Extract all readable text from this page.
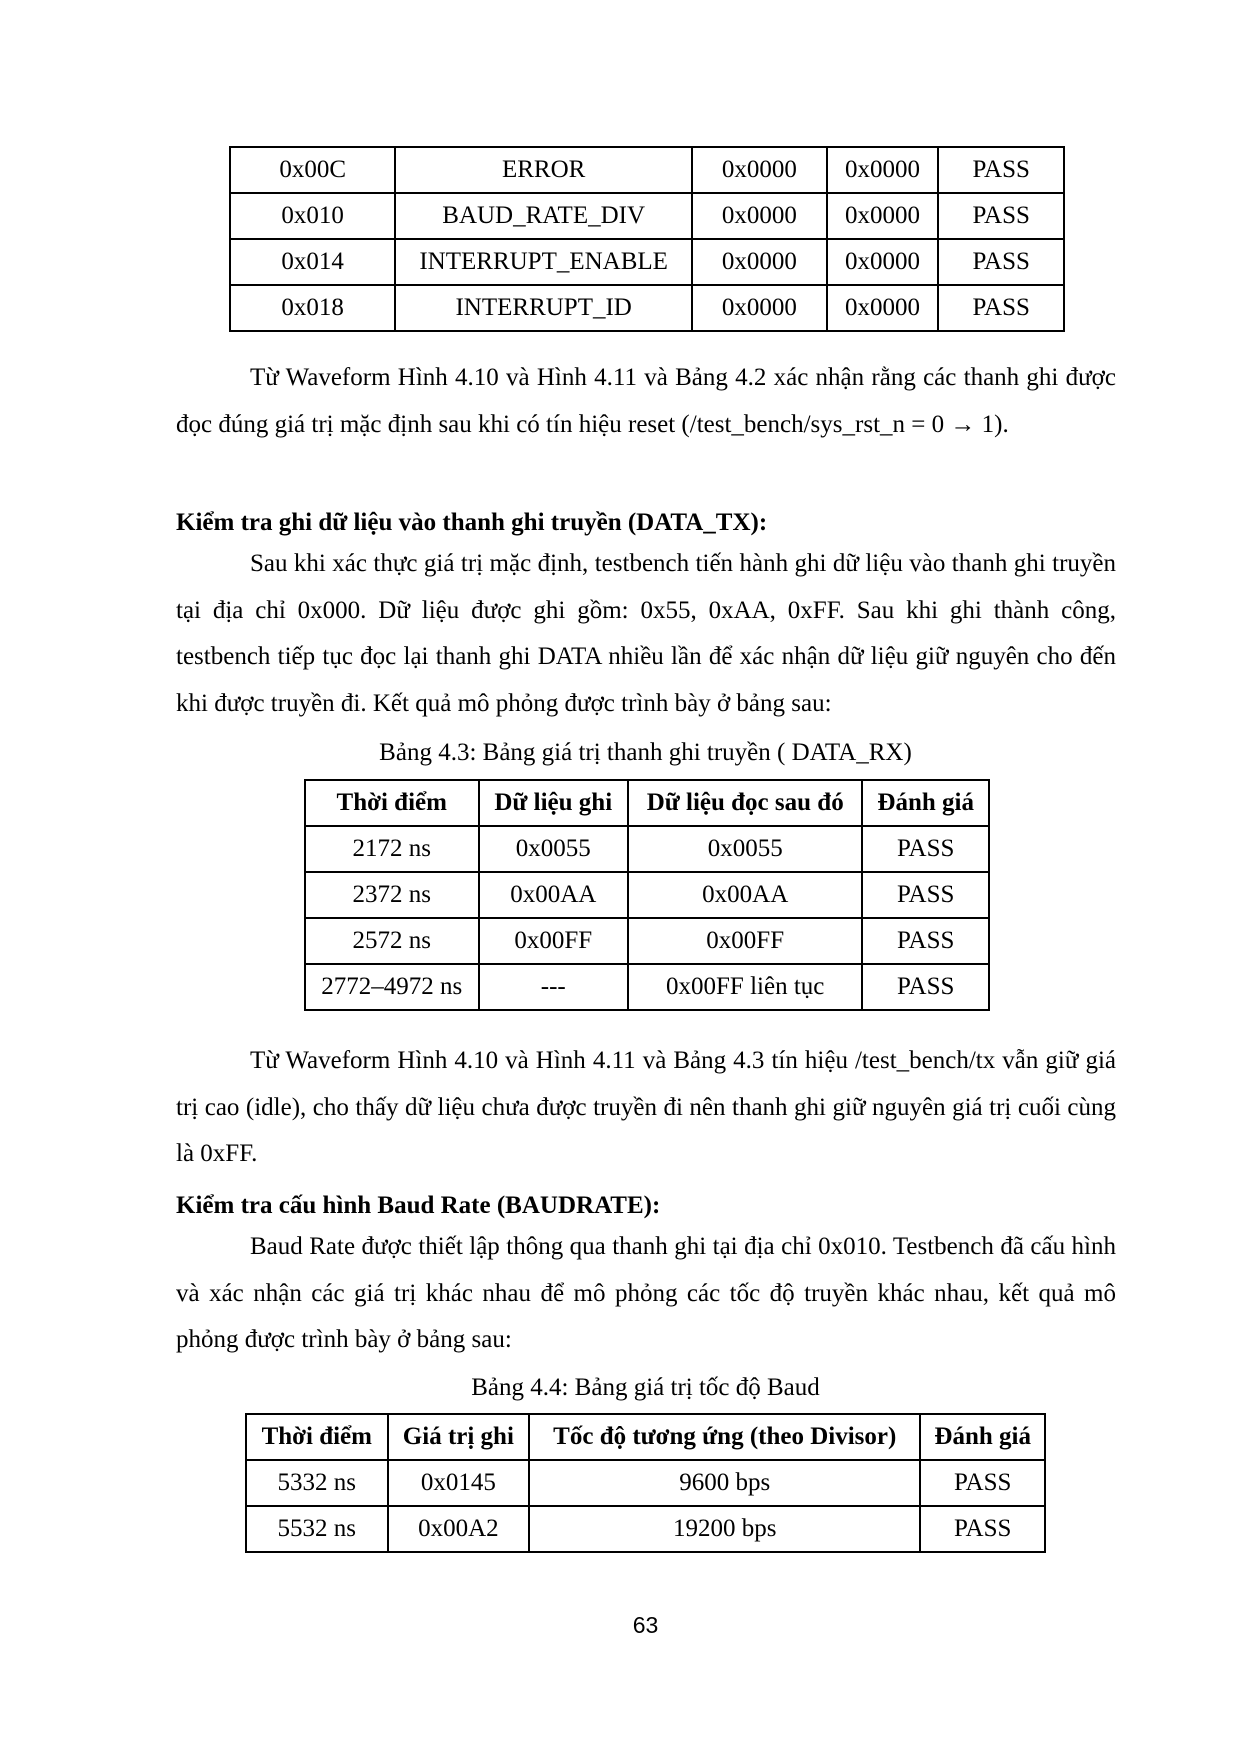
0x00C	ERROR	0x0000	0x0000	PASS
0x010	BAUD_RATE_DIV	0x0000	0x0000	PASS
0x014	INTERRUPT_ENABLE	0x0000	0x0000	PASS
0x018	INTERRUPT_ID	0x0000	0x0000	PASS

Từ Waveform Hình 4.10 và Hình 4.11 và Bảng 4.2 xác nhận rằng các thanh ghi được đọc đúng giá trị mặc định sau khi có tín hiệu reset (/test_bench/sys_rst_n = 0 → 1).

Kiểm tra ghi dữ liệu vào thanh ghi truyền (DATA_TX):

Sau khi xác thực giá trị mặc định, testbench tiến hành ghi dữ liệu vào thanh ghi truyền tại địa chỉ 0x000. Dữ liệu được ghi gồm: 0x55, 0xAA, 0xFF. Sau khi ghi thành công, testbench tiếp tục đọc lại thanh ghi DATA nhiều lần để xác nhận dữ liệu giữ nguyên cho đến khi được truyền đi. Kết quả mô phỏng được trình bày ở bảng sau:

Bảng 4.3: Bảng giá trị thanh ghi truyền ( DATA_RX)

Thời điểm	Dữ liệu ghi	Dữ liệu đọc sau đó	Đánh giá
2172 ns	0x0055	0x0055	PASS
2372 ns	0x00AA	0x00AA	PASS
2572 ns	0x00FF	0x00FF	PASS
2772–4972 ns	---	0x00FF liên tục	PASS

Từ Waveform Hình 4.10 và Hình 4.11 và Bảng 4.3 tín hiệu /test_bench/tx vẫn giữ giá trị cao (idle), cho thấy dữ liệu chưa được truyền đi nên thanh ghi giữ nguyên giá trị cuối cùng là 0xFF.

Kiểm tra cấu hình Baud Rate (BAUDRATE):

Baud Rate được thiết lập thông qua thanh ghi tại địa chỉ 0x010. Testbench đã cấu hình và xác nhận các giá trị khác nhau để mô phỏng các tốc độ truyền khác nhau, kết quả mô phỏng được trình bày ở bảng sau:

Bảng 4.4: Bảng giá trị tốc độ Baud

Thời điểm	Giá trị ghi	Tốc độ tương ứng (theo Divisor)	Đánh giá
5332 ns	0x0145	9600 bps	PASS
5532 ns	0x00A2	19200 bps	PASS
63
